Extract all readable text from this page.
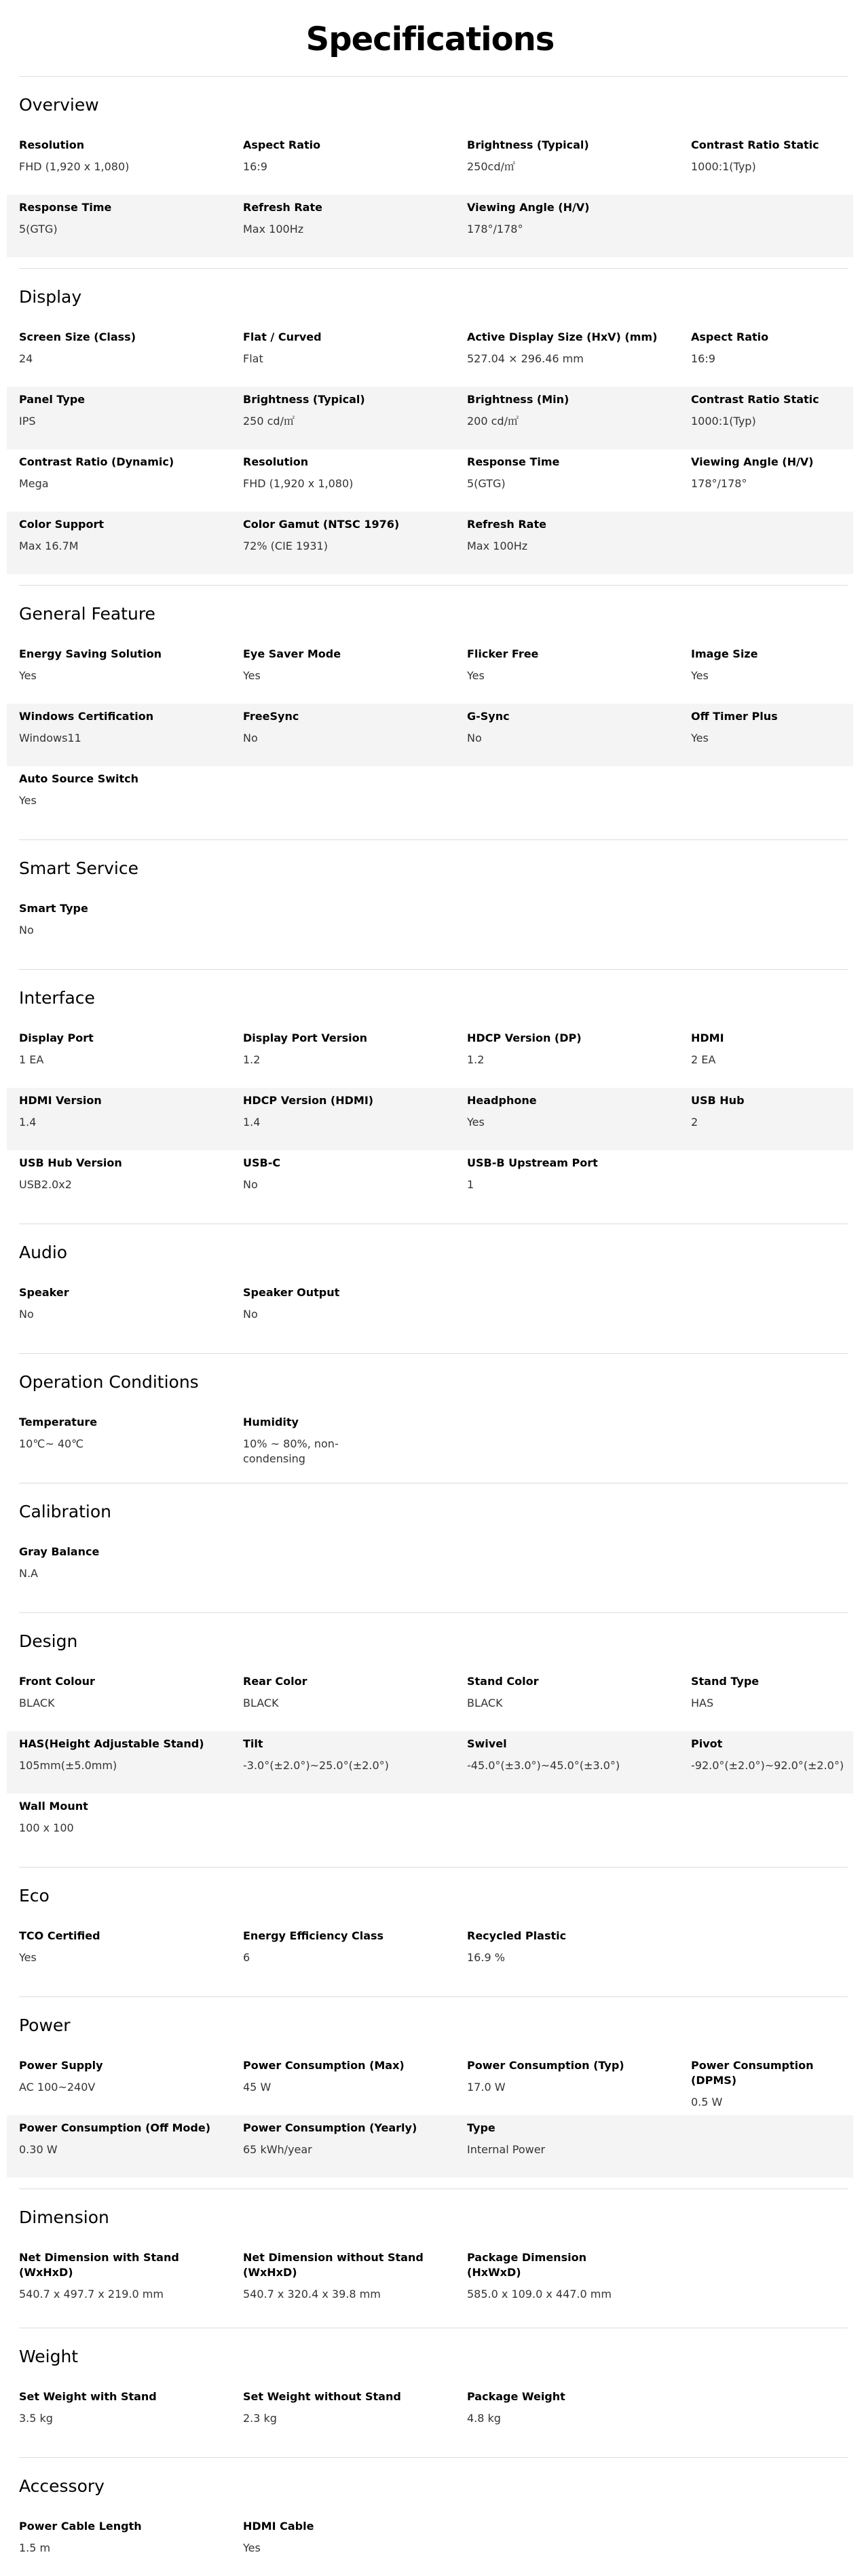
Specifications
Overview
Resolution
FHD (1,920 x 1,080)
Aspect Ratio
16:9
Brightness (Typical)
250cd/㎡
Contrast Ratio Static
1000:1(Typ)
Response Time
5(GTG)
Refresh Rate
Max 100Hz
Viewing Angle (H/V)
178°/178°
Display
Screen Size (Class)
24
Flat / Curved
Flat
Active Display Size (HxV) (mm)
527.04 × 296.46 mm
Aspect Ratio
16:9
Panel Type
IPS
Brightness (Typical)
250 cd/㎡
Brightness (Min)
200 cd/㎡
Contrast Ratio Static
1000:1(Typ)
Contrast Ratio (Dynamic)
Mega
Resolution
FHD (1,920 x 1,080)
Response Time
5(GTG)
Viewing Angle (H/V)
178°/178°
Color Support
Max 16.7M
Color Gamut (NTSC 1976)
72% (CIE 1931)
Refresh Rate
Max 100Hz
General Feature
Energy Saving Solution
Yes
Eye Saver Mode
Yes
Flicker Free
Yes
Image Size
Yes
Windows Certification
Windows11
FreeSync
No
G-Sync
No
Off Timer Plus
Yes
Auto Source Switch
Yes
Smart Service
Smart Type
No
Interface
Display Port
1 EA
Display Port Version
1.2
HDCP Version (DP)
1.2
HDMI
2 EA
HDMI Version
1.4
HDCP Version (HDMI)
1.4
Headphone
Yes
USB Hub
2
USB Hub Version
USB2.0x2
USB-C
No
USB-B Upstream Port
1
Audio
Speaker
No
Speaker Output
No
Operation Conditions
Temperature
10℃~ 40℃
Humidity
10% ~ 80%, non-condensing
Calibration
Gray Balance
N.A
Design
Front Colour
BLACK
Rear Color
BLACK
Stand Color
BLACK
Stand Type
HAS
HAS(Height Adjustable Stand)
105mm(±5.0mm)
Tilt
-3.0°(±2.0°)~25.0°(±2.0°)
Swivel
-45.0°(±3.0°)~45.0°(±3.0°)
Pivot
-92.0°(±2.0°)~92.0°(±2.0°)
Wall Mount
100 x 100
Eco
TCO Certified
Yes
Energy Efficiency Class
6
Recycled Plastic
16.9 %
Power
Power Supply
AC 100~240V
Power Consumption (Max)
45 W
Power Consumption (Typ)
17.0 W
Power Consumption (DPMS)
0.5 W
Power Consumption (Off Mode)
0.30 W
Power Consumption (Yearly)
65 kWh/year
Type
Internal Power
Dimension
Net Dimension with Stand (WxHxD)
540.7 x 497.7 x 219.0 mm
Net Dimension without Stand (WxHxD)
540.7 x 320.4 x 39.8 mm
Package Dimension (HxWxD)
585.0 x 109.0 x 447.0 mm
Weight
Set Weight with Stand
3.5 kg
Set Weight without Stand
2.3 kg
Package Weight
4.8 kg
Accessory
Power Cable Length
1.5 m
HDMI Cable
Yes
